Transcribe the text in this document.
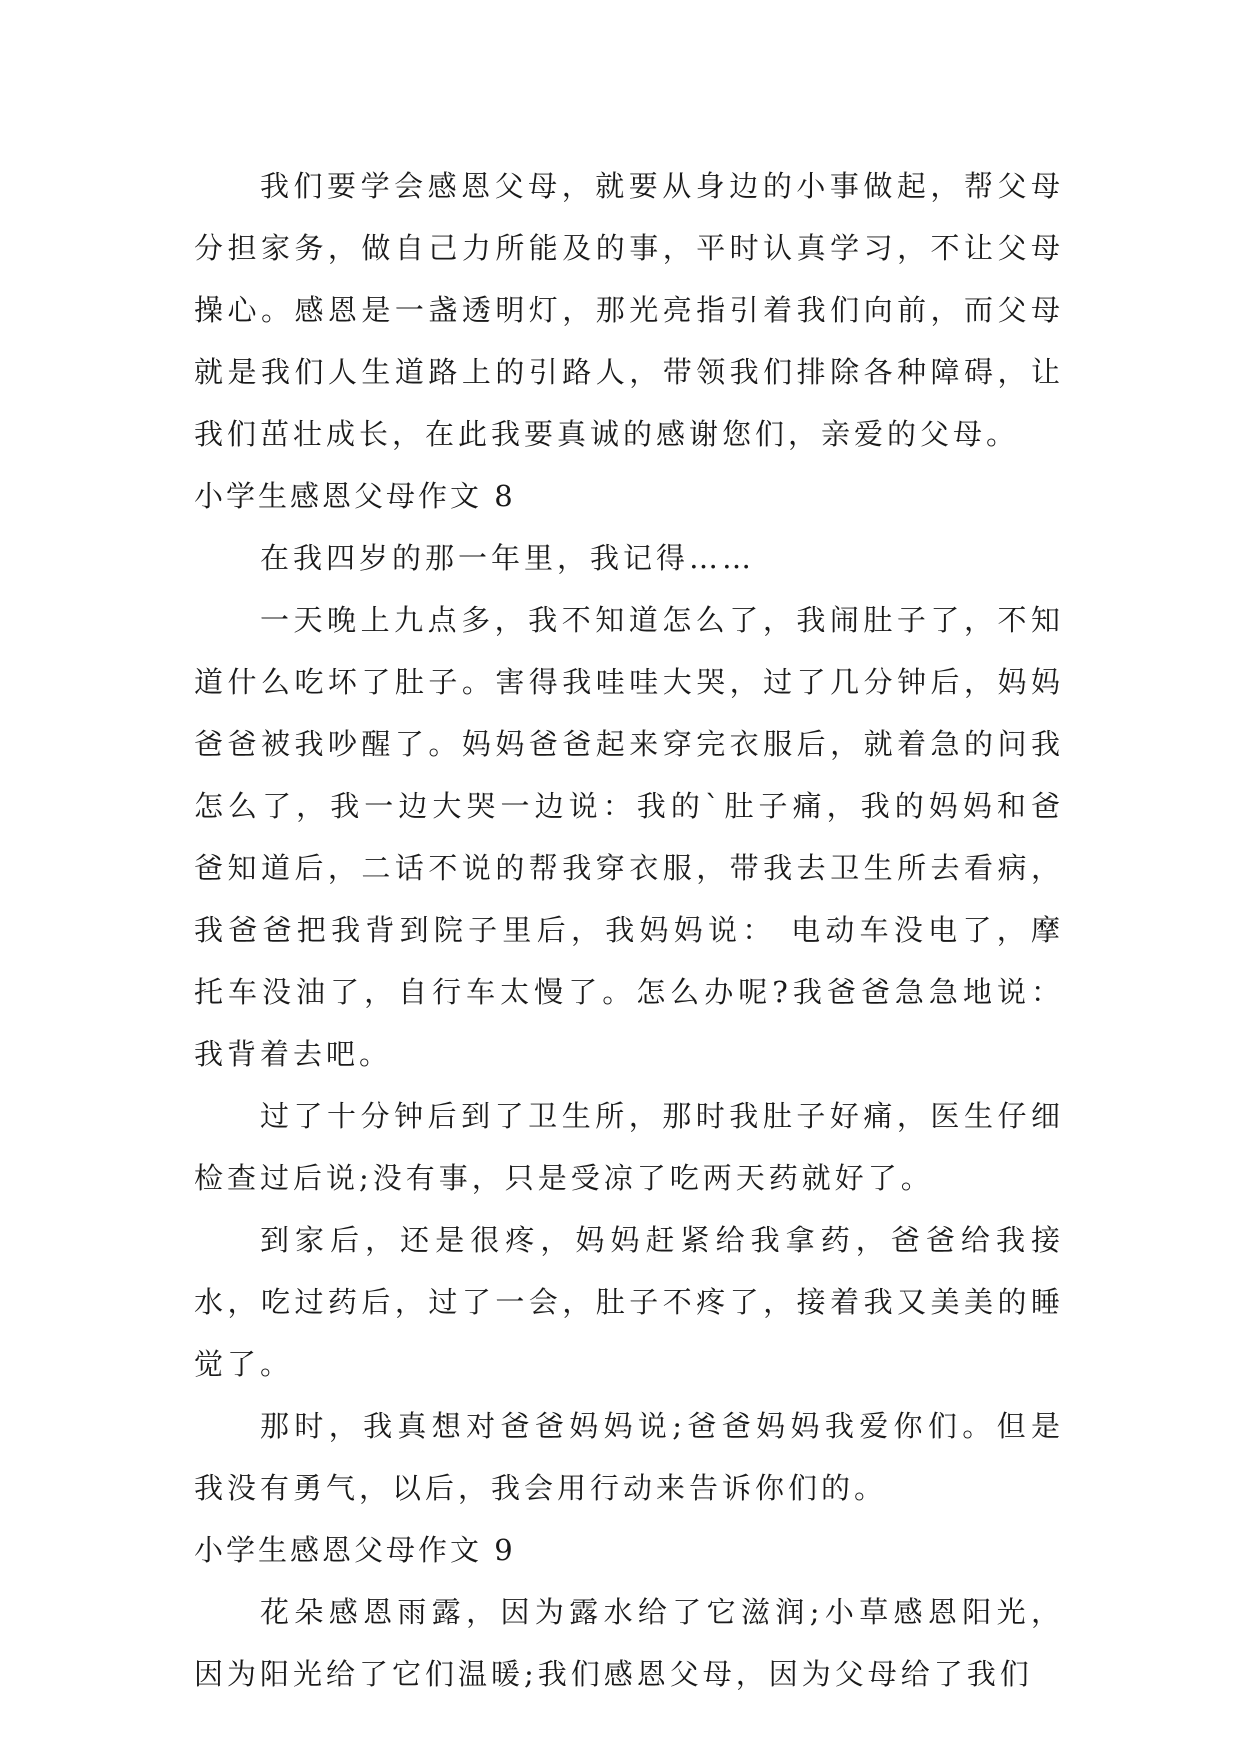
我们要学会感恩父母，就要从身边的小事做起，帮父母分担家务，做自己力所能及的事，平时认真学习，不让父母操心。感恩是一盏透明灯，那光亮指引着我们向前，而父母就是我们人生道路上的引路人，带领我们排除各种障碍，让我们茁壮成长，在此我要真诚的感谢您们，亲爱的父母。

小学生感恩父母作文 8

在我四岁的那一年里，我记得……

一天晚上九点多，我不知道怎么了，我闹肚子了，不知道什么吃坏了肚子。害得我哇哇大哭，过了几分钟后，妈妈爸爸被我吵醒了。妈妈爸爸起来穿完衣服后，就着急的问我怎么了，我一边大哭一边说：我的`肚子痛，我的妈妈和爸爸知道后，二话不说的帮我穿衣服，带我去卫生所去看病，我爸爸把我背到院子里后，我妈妈说： 电动车没电了，摩托车没油了，自行车太慢了。怎么办呢?我爸爸急急地说：我背着去吧。

过了十分钟后到了卫生所，那时我肚子好痛，医生仔细检查过后说;没有事，只是受凉了吃两天药就好了。

到家后，还是很疼，妈妈赶紧给我拿药，爸爸给我接水，吃过药后，过了一会，肚子不疼了，接着我又美美的睡觉了。

那时，我真想对爸爸妈妈说;爸爸妈妈我爱你们。但是我没有勇气，以后，我会用行动来告诉你们的。

小学生感恩父母作文 9

花朵感恩雨露，因为露水给了它滋润;小草感恩阳光，因为阳光给了它们温暖;我们感恩父母，因为父母给了我们
